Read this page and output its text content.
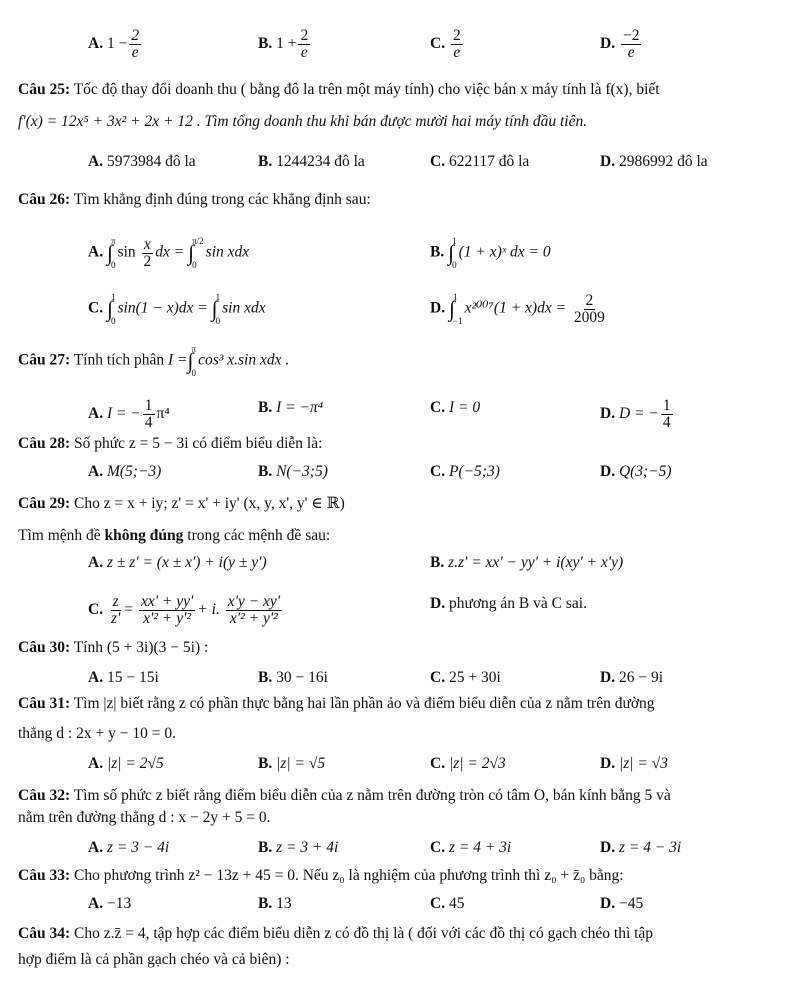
A. $1 - \frac{2}{e}$	B. $1 + \frac{2}{e}$	C. $\frac{2}{e}$	D. $\frac{-2}{e}$
Câu 25: Tốc độ thay đổi doanh thu ( bằng đô la trên một máy tính) cho việc bán x máy tính là f(x), biết
f'(x) = 12x⁵ + 3x² + 2x + 12 . Tìm tổng doanh thu khi bán được mười hai máy tính đầu tiên.
A. 5973984 đô la	B. 1244234 đô la	C. 622117 đô la	D. 2986992 đô la
Câu 26: Tìm khẳng định đúng trong các khẳng định sau:
A. ∫
π
0
$\sin \frac{x}{2}$ dx = ∫
π/2
0
sin xdx	B. ∫
1
0
(1 + x)ˣ dx = 0
C. ∫
1
0
sin(1 − x)dx = ∫
1
0
sin xdx	D. ∫
1
−1
$x^{2007}(1 + x)dx = \frac{2}{2009}$
Câu 27: Tính tích phân I = ∫
π
0
cos³ x.sin xdx .
A. I = − $\frac{1}{4} \pi^4$	B. I = −π⁴	C. I = 0	D. D = − $\frac{1}{4}$
Câu 28: Số phức z = 5 − 3i có điểm biểu diễn là:
A. M(5;−3)	B. N(−3;5)	C. P(−5;3)	D. Q(3;−5)
Câu 29: Cho z = x + iy; z' = x' + iy' (x, y, x', y' ∈ ℝ)
Tìm mệnh đề không đúng trong các mệnh đề sau:
A. z ± z' = (x ± x') + i(y ± y')	B. z.z' = xx' − yy' + i(xy' + x'y)
C. $\frac{z}{z'} = \frac{xx' + yy'}{\text{x'² + y'²}} + i$. $\frac{x'y - xy'}{\text{x'² + y'²}}$	D. phương án B và C sai.
Câu 30: Tính (5 + 3i)(3 − 5i) :
A. 15 − 15i	B. 30 − 16i	C. 25 + 30i	D. 26 − 9i
Câu 31: Tìm |z| biết rằng z có phần thực bằng hai lần phần ảo và điểm biểu diễn của z nằm trên đường
thẳng d : 2x + y − 10 = 0.
A. |z| = 2√5	B. |z| = √5	C. |z| = 2√3	D. |z| = √3
Câu 32: Tìm số phức z biết rằng điểm biểu diễn của z nằm trên đường tròn có tâm O, bán kính bằng 5 và
nằm trên đường thẳng d : x − 2y + 5 = 0.
A. z = 3 − 4i	B. z = 3 + 4i	C. z = 4 + 3i	D. z = 4 − 3i
Câu 33: Cho phương trình z² − 13z + 45 = 0. Nếu z₀ là nghiệm của phương trình thì z₀ + z̄₀ bằng:
A. −13	B. 13	C. 45	D. −45
Câu 34: Cho z.z̄ = 4, tập hợp các điểm biểu diễn z có đồ thị là ( đối với các đồ thị có gạch chéo thì tập
hợp điểm là cả phần gạch chéo và cả biên) :
